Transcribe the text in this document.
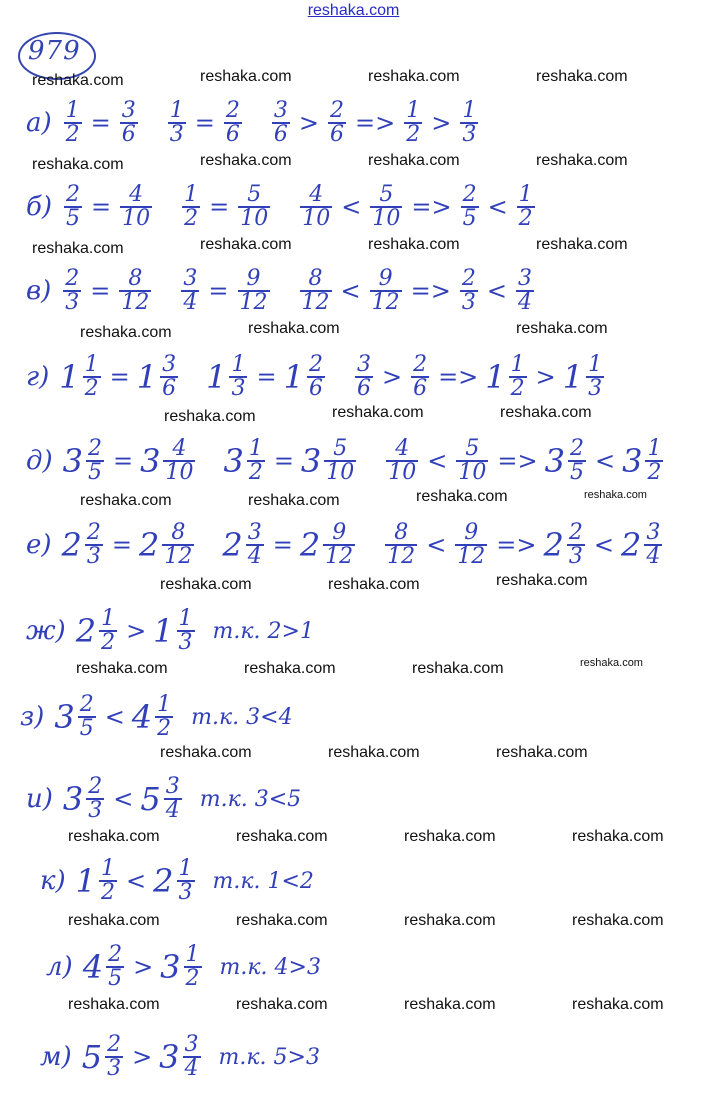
reshaka.com
979
reshaka.com	reshaka.com	reshaka.com	reshaka.com
reshaka.com	reshaka.com	reshaka.com	reshaka.com
reshaka.com	reshaka.com	reshaka.com	reshaka.com
reshaka.com	reshaka.com	reshaka.com
reshaka.com	reshaka.com	reshaka.com
reshaka.com	reshaka.com	reshaka.com	reshaka.com
reshaka.com	reshaka.com	reshaka.com
reshaka.com	reshaka.com	reshaka.com	reshaka.com
reshaka.com	reshaka.com	reshaka.com
reshaka.com	reshaka.com	reshaka.com	reshaka.com
reshaka.com	reshaka.com	reshaka.com	reshaka.com
reshaka.com	reshaka.com	reshaka.com	reshaka.com
$а) \frac{1}{2} = \frac{3}{6} \frac{1}{3} = \frac{2}{6} \frac{3}{6} > \frac{2}{6} => \frac{1}{2} > \frac{1}{3}$
$б) \frac{2}{5} = \frac{4}{10} \frac{1}{2} = \frac{5}{10} \frac{4}{10} < \frac{5}{10} => \frac{2}{5} < \frac{1}{2}$
$в) \frac{2}{3} = \frac{8}{12} \frac{3}{4} = \frac{9}{12} \frac{8}{12} < \frac{9}{12} => \frac{2}{3} < \frac{3}{4}$
г) $1 \frac{1}{2} = 1 \frac{3}{6} 1 \frac{1}{3} = 1 \frac{2}{6} \frac{3}{6} > \frac{2}{6} => 1 \frac{1}{2} > 1 \frac{1}{3}$
д) $3 \frac{2}{5} = 3 \frac{4}{10} 3 \frac{1}{2} = 3 \frac{5}{10} \frac{4}{10} < \frac{5}{10} => 3 \frac{2}{5} < 3 \frac{1}{2}$
е) $2 \frac{2}{3} = 2 \frac{8}{12} 2 \frac{3}{4} = 2 \frac{9}{12} \frac{8}{12} < \frac{9}{12} => 2 \frac{2}{3} < 2 \frac{3}{4}$
ж) $2 \frac{1}{2} > 1 \frac{1}{3} т.к$. 2>1
з) $3 \frac{2}{5} < 4 \frac{1}{2} т.к$. 3<4
и) $3 \frac{2}{3} < 5 \frac{3}{4} т.к$. 3<5
к) $1 \frac{1}{2} < 2 \frac{1}{3} т.к$. 1<2
л) $4 \frac{2}{5} > 3 \frac{1}{2} т.к$. 4>3
м) $5 \frac{2}{3} > 3 \frac{3}{4} т.к$. 5>3
